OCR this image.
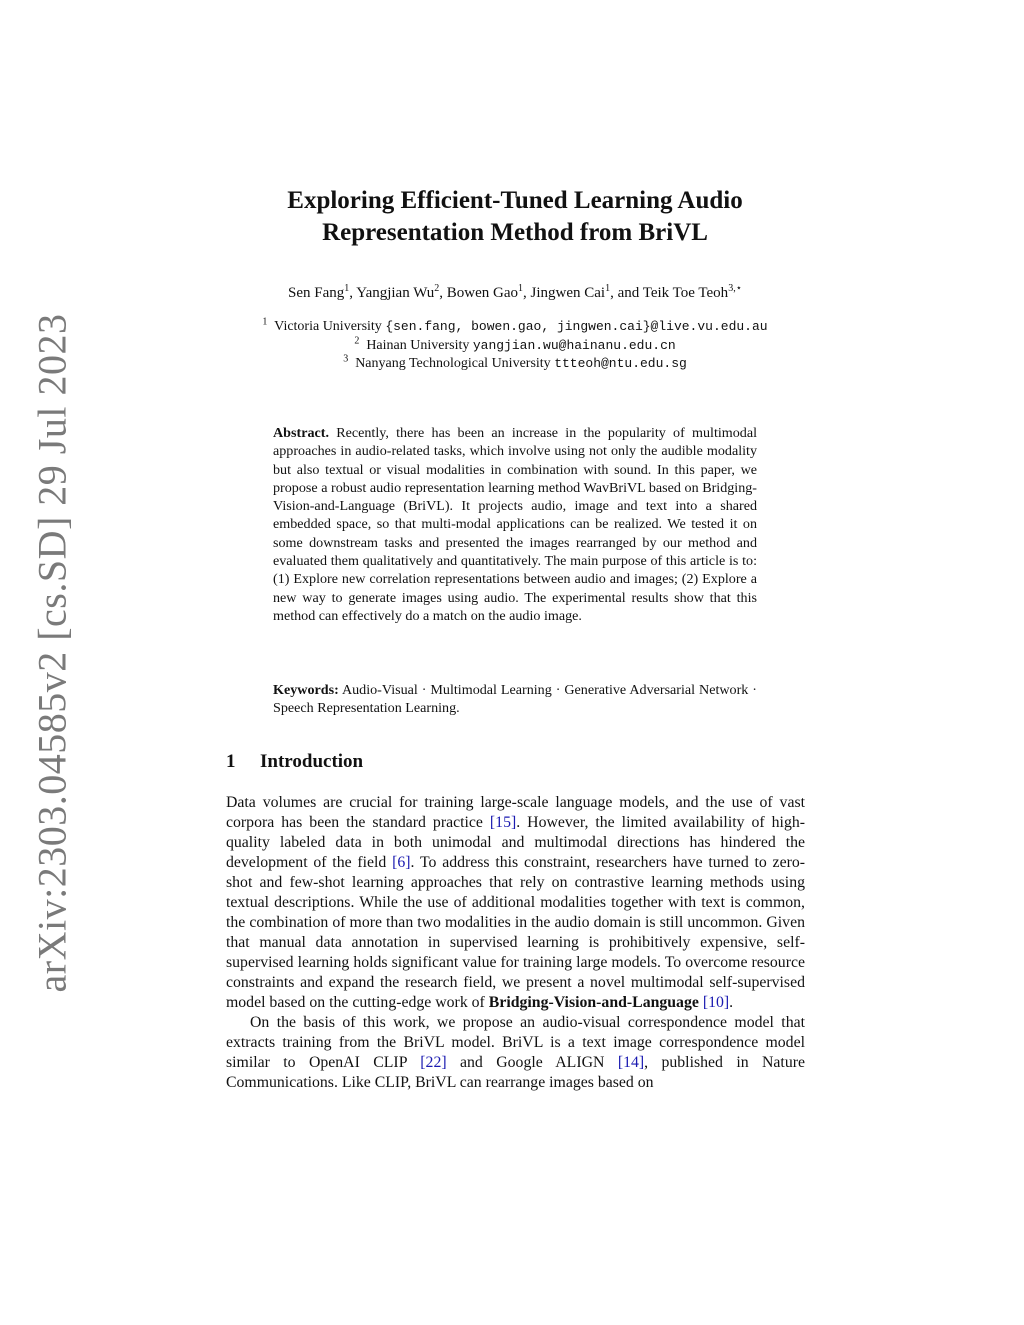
arXiv:2303.04585v2 [cs.SD] 29 Jul 2023
Exploring Efficient-Tuned Learning Audio
Representation Method from BriVL
Sen Fang$^1$, Yangjian Wu$^2$, Bowen Gao$^1$, Jingwen Cai$^1$, and Teik Toe Teoh$^{3,⋆}$
$^1$ Victoria University {sen.fang, bowen.gao, jingwen.cai}@live.vu.edu.au
$^2$ Hainan University yangjian.wu@hainanu.edu.cn
$^3$ Nanyang Technological University ttteoh@ntu.edu.sg
Abstract. Recently, there has been an increase in the popularity of multimodal approaches in audio-related tasks, which involve using not only the audible modality but also textual or visual modalities in combination with sound. In this paper, we propose a robust audio representation learning method WavBriVL based on Bridging-Vision-and-Language (BriVL). It projects audio, image and text into a shared embedded space, so that multi-modal applications can be realized. We tested it on some downstream tasks and presented the images rearranged by our method and evaluated them qualitatively and quantitatively. The main purpose of this article is to: (1) Explore new correlation representations between audio and images; (2) Explore a new way to generate images using audio. The experimental results show that this method can effectively do a match on the audio image.
Keywords: Audio-Visual · Multimodal Learning · Generative Adversarial Network · Speech Representation Learning.
1 Introduction

Data volumes are crucial for training large-scale language models, and the use of vast corpora has been the standard practice [15]. However, the limited availability of high-quality labeled data in both unimodal and multimodal directions has hindered the development of the field [6]. To address this constraint, researchers have turned to zero-shot and few-shot learning approaches that rely on contrastive learning methods using textual descriptions. While the use of additional modalities together with text is common, the combination of more than two modalities in the audio domain is still uncommon. Given that manual data annotation in supervised learning is prohibitively expensive, self-supervised learning holds significant value for training large models. To overcome resource constraints and expand the research field, we present a novel multimodal self-supervised model based on the cutting-edge work of Bridging-Vision-and-Language [10].

On the basis of this work, we propose an audio-visual correspondence model that extracts training from the BriVL model. BriVL is a text image correspondence model similar to OpenAI CLIP [22] and Google ALIGN [14], published in Nature Communications. Like CLIP, BriVL can rearrange images based on
